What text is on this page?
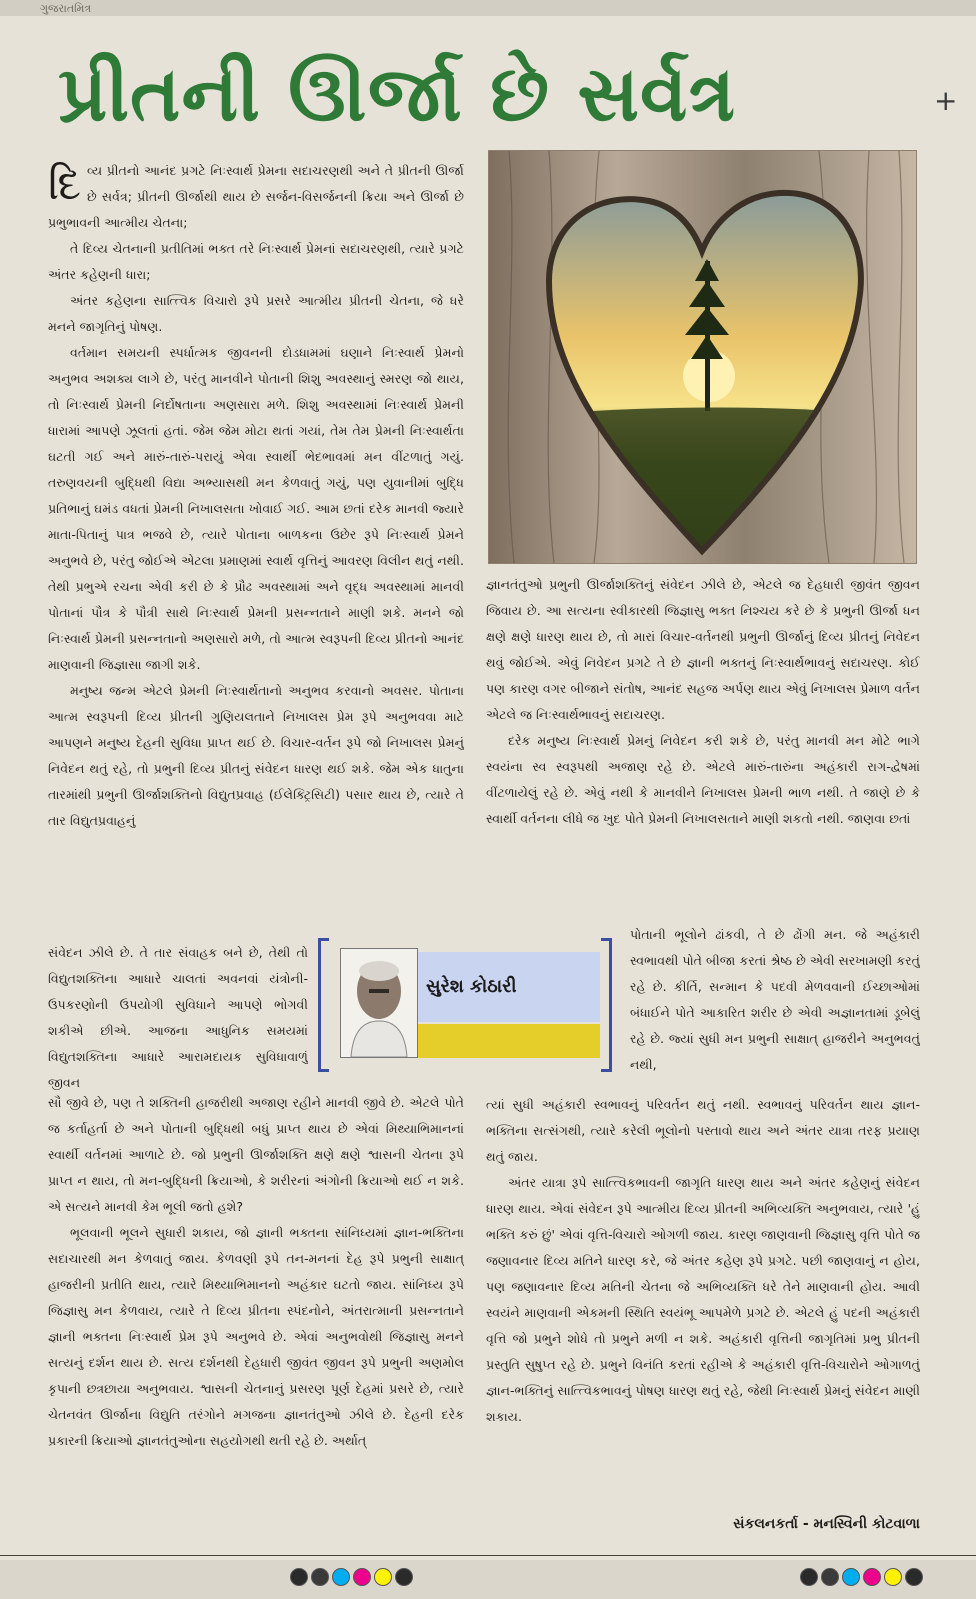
ગુજરાતમિત્ર
પ્રીતની ઊર્જા છે સર્વત્ર	+

દિવ્ય પ્રીતનો આનંદ પ્રગટે નિઃસ્વાર્થ પ્રેમના સદાચરણથી અને તે પ્રીતની ઊર્જા છે સર્વત્ર; પ્રીતની ઊર્જાથી થાય છે સર્જન-વિસર્જનની ક્રિયા અને ઊર્જા છે પ્રભુભાવની આત્મીય ચેતના;

તે દિવ્ય ચેતનાની પ્રતીતિમાં ભક્ત તરે નિઃસ્વાર્થ પ્રેમનાં સદાચરણથી, ત્યારે પ્રગટે અંતર કહેણની ધારા;

અંતર કહેણના સાત્ત્વિક વિચારો રૂપે પ્રસરે આત્મીય પ્રીતની ચેતના, જે ધરે મનને જાગૃતિનું પોષણ.

વર્તમાન સમયની સ્પર્ધાત્મક જીવનની દોડધામમાં ઘણાને નિઃસ્વાર્થ પ્રેમનો અનુભવ અશક્ય લાગે છે, પરંતુ માનવીને પોતાની શિશુ અવસ્થાનું સ્મરણ જો થાય, તો નિઃસ્વાર્થ પ્રેમની નિર્દોષતાના અણસારા મળે. શિશુ અવસ્થામાં નિઃસ્વાર્થ પ્રેમની ધારામાં આપણે ઝૂલતાં હતાં. જેમ જેમ મોટા થતાં ગયાં, તેમ તેમ પ્રેમની નિઃસ્વાર્થતા ઘટતી ગઈ અને મારું-તારું-પરાયું એવા સ્વાર્થી ભેદભાવમાં મન વીંટળાતું ગયું. તરુણવયની બુદ્ધિથી વિદ્યા અભ્યાસથી મન કેળવાતું ગયું, પણ યુવાનીમાં બુદ્ધિ પ્રતિભાનું ઘમંડ વધતાં પ્રેમની નિખાલસતા ખોવાઈ ગઈ. આમ છતાં દરેક માનવી જ્યારે માતા-પિતાનું પાત્ર ભજવે છે, ત્યારે પોતાના બાળકના ઉછેર રૂપે નિઃસ્વાર્થ પ્રેમને અનુભવે છે, પરંતુ જોઈએ એટલા પ્રમાણમાં સ્વાર્થ વૃત્તિનું આવરણ વિલીન થતું નથી. તેથી પ્રભુએ રચના એવી કરી છે કે પ્રૌઢ અવસ્થામાં અને વૃદ્ધ અવસ્થામાં માનવી પોતાનાં પૌત્ર કે પૌત્રી સાથે નિઃસ્વાર્થ પ્રેમની પ્રસન્નતાને માણી શકે. મનને જો નિઃસ્વાર્થ પ્રેમની પ્રસન્નતાનો અણસારો મળે, તો આત્મ સ્વરૂપની દિવ્ય પ્રીતનો આનંદ માણવાની જિજ્ઞાસા જાગી શકે.

મનુષ્ય જન્મ એટલે પ્રેમની નિઃસ્વાર્થતાનો અનુભવ કરવાનો અવસર. પોતાના આત્મ સ્વરૂપની દિવ્ય પ્રીતની ગુણિયલતાને નિખાલસ પ્રેમ રૂપે અનુભવવા માટે આપણને મનુષ્ય દેહની સુવિધા પ્રાપ્ત થઈ છે. વિચાર-વર્તન રૂપે જો નિખાલસ પ્રેમનું નિવેદન થતું રહે, તો પ્રભુની દિવ્ય પ્રીતનું સંવેદન ધારણ થઈ શકે. જેમ એક ધાતુના તારમાંથી પ્રભુની ઊર્જાશક્તિનો વિદ્યુતપ્રવાહ (ઈલેક્ટ્રિસિટી) પસાર થાય છે, ત્યારે તે તાર વિદ્યુતપ્રવાહનું

સંવેદન ઝીલે છે. તે તાર સંવાહક બને છે, તેથી તો વિદ્યુતશક્તિના આધારે ચાલતાં અવનવાં યંત્રોની-ઉપકરણોની ઉપયોગી સુવિધાને આપણે ભોગવી શકીએ છીએ. આજના આધુનિક સમયમાં વિદ્યુતશક્તિના આધારે આરામદાયક સુવિધાવાળું જીવન

સૌ જીવે છે, પણ તે શક્તિની હાજરીથી અજાણ રહીને માનવી જીવે છે. એટલે પોતે જ કર્તાહર્તા છે અને પોતાની બુદ્ધિથી બધું પ્રાપ્ત થાય છે એવાં મિથ્યાભિમાનનાં સ્વાર્થી વર્તનમાં આળાટે છે. જો પ્રભુની ઊર્જાશક્તિ ક્ષણે ક્ષણે શ્વાસની ચેતના રૂપે પ્રાપ્ત ન થાય, તો મન-બુદ્ધિની ક્રિયાઓ, કે શરીરનાં અંગોની ક્રિયાઓ થઈ ન શકે. એ સત્યને માનવી કેમ ભૂલી જતો હશે?

ભૂલવાની ભૂલને સુધારી શકાય, જો જ્ઞાની ભક્તના સાંનિધ્યમાં જ્ઞાન-ભક્તિના સદાચારથી મન કેળવાતું જાય. કેળવણી રૂપે તન-મનનાં દેહ રૂપે પ્રભુની સાક્ષાત્ હાજરીની પ્રતીતિ થાય, ત્યારે મિથ્યાભિમાનનો અહંકાર ઘટતો જાય. સાંનિધ્ય રૂપે જિજ્ઞાસુ મન કેળવાય, ત્યારે તે દિવ્ય પ્રીતના સ્પંદનોને, અંતરાત્માની પ્રસન્નતાને જ્ઞાની ભક્તના નિઃસ્વાર્થ પ્રેમ રૂપે અનુભવે છે. એવાં અનુભવોથી જિજ્ઞાસુ મનને સત્યનું દર્શન થાય છે. સત્ય દર્શનથી દેહધારી જીવંત જીવન રૂપે પ્રભુની અણમોલ કૃપાની છત્રછાયા અનુભવાય. શ્વાસની ચેતનાનું પ્રસરણ પૂર્ણ દેહમાં પ્રસરે છે, ત્યારે ચેતનવંત ઊર્જાના વિદ્યુતિ તરંગોને મગજના જ્ઞાનતંતુઓ ઝીલે છે. દેહની દરેક પ્રકારની ક્રિયાઓ જ્ઞાનતંતુઓના સહયોગથી થતી રહે છે. અર્થાત્

જ્ઞાનતંતુઓ પ્રભુની ઊર્જાશક્તિનું સંવેદન ઝીલે છે, એટલે જ દેહધારી જીવંત જીવન જિવાય છે. આ સત્યના સ્વીકારથી જિજ્ઞાસુ ભક્ત નિશ્ચય કરે છે કે પ્રભુની ઊર્જા ધન ક્ષણે ક્ષણે ધારણ થાય છે, તો મારાં વિચાર-વર્તનથી પ્રભુની ઊર્જાનું દિવ્ય પ્રીતનું નિવેદન થવું જોઈએ. એવું નિવેદન પ્રગટે તે છે જ્ઞાની ભક્તનું નિઃસ્વાર્થભાવનું સદાચરણ. કોઈ પણ કારણ વગર બીજાને સંતોષ, આનંદ સહજ અર્પણ થાય એવું નિખાલસ પ્રેમાળ વર્તન એટલે જ નિઃસ્વાર્થભાવનું સદાચરણ.

દરેક મનુષ્ય નિઃસ્વાર્થ પ્રેમનું નિવેદન કરી શકે છે, પરંતુ માનવી મન મોટે ભાગે સ્વયંના સ્વ સ્વરૂપથી અજાણ રહે છે. એટલે મારું-તારુંના અહંકારી રાગ-દ્વેષમાં વીંટળાયેલું રહે છે. એવું નથી કે માનવીને નિખાલસ પ્રેમની ભાળ નથી. તે જાણે છે કે સ્વાર્થી વર્તનના લીધે જ ખુદ પોતે પ્રેમની નિખાલસતાને માણી શકતો નથી. જાણવા છતાં

સુરેશ કોઠારી

પોતાની ભૂલોને ઢાંકવી, તે છે ઢોંગી મન. જે અહંકારી સ્વભાવથી પોતે બીજા કરતાં શ્રેષ્ઠ છે એવી સરખામણી કરતું રહે છે. કીર્તિ, સન્માન કે પદવી મેળવવાની ઈચ્છાઓમાં બંધાઈને પોતે આકારિત શરીર છે એવી અજ્ઞાનતામાં ડૂબેલું રહે છે. જ્યાં સુધી મન પ્રભુની સાક્ષાત્ હાજરીને અનુભવતું નથી,

ત્યાં સુધી અહંકારી સ્વભાવનું પરિવર્તન થતું નથી. સ્વભાવનું પરિવર્તન થાય જ્ઞાન-ભક્તિના સત્સંગથી, ત્યારે કરેલી ભૂલોનો પસ્તાવો થાય અને અંતર યાત્રા તરફ પ્રયાણ થતું જાય.

અંતર યાત્રા રૂપે સાત્ત્વિકભાવની જાગૃતિ ધારણ થાય અને અંતર કહેણનું સંવેદન ધારણ થાય. એવાં સંવેદન રૂપે આત્મીય દિવ્ય પ્રીતની અભિવ્યક્તિ અનુભવાય, ત્યારે 'હું ભક્તિ કરું છું' એવાં વૃત્તિ-વિચારો ઓગળી જાય. કારણ જાણવાની જિજ્ઞાસુ વૃત્તિ પોતે જ જણાવનાર દિવ્ય મતિને ધારણ કરે, જે અંતર કહેણ રૂપે પ્રગટે. પછી જાણવાનું ન હોય, પણ જણાવનાર દિવ્ય મતિની ચેતના જે અભિવ્યક્તિ ધરે તેને માણવાની હોય. આવી સ્વયંને માણવાની એકમની સ્થિતિ સ્વયંભૂ આપમેળે પ્રગટે છે. એટલે હું પદની અહંકારી વૃત્તિ જો પ્રભુને શોધે તો પ્રભુને મળી ન શકે. અહંકારી વૃત્તિની જાગૃતિમાં પ્રભુ પ્રીતની પ્રસ્તુતિ સુષુપ્ત રહે છે. પ્રભુને વિનંતિ કરતાં રહીએ કે અહંકારી વૃત્તિ-વિચારોને ઓગાળતું જ્ઞાન-ભક્તિનું સાત્ત્વિકભાવનું પોષણ ધારણ થતું રહે, જેથી નિઃસ્વાર્થ પ્રેમનું સંવેદન માણી શકાય.

સંકલનકર્તા - મનસ્વિની કોટવાળા
